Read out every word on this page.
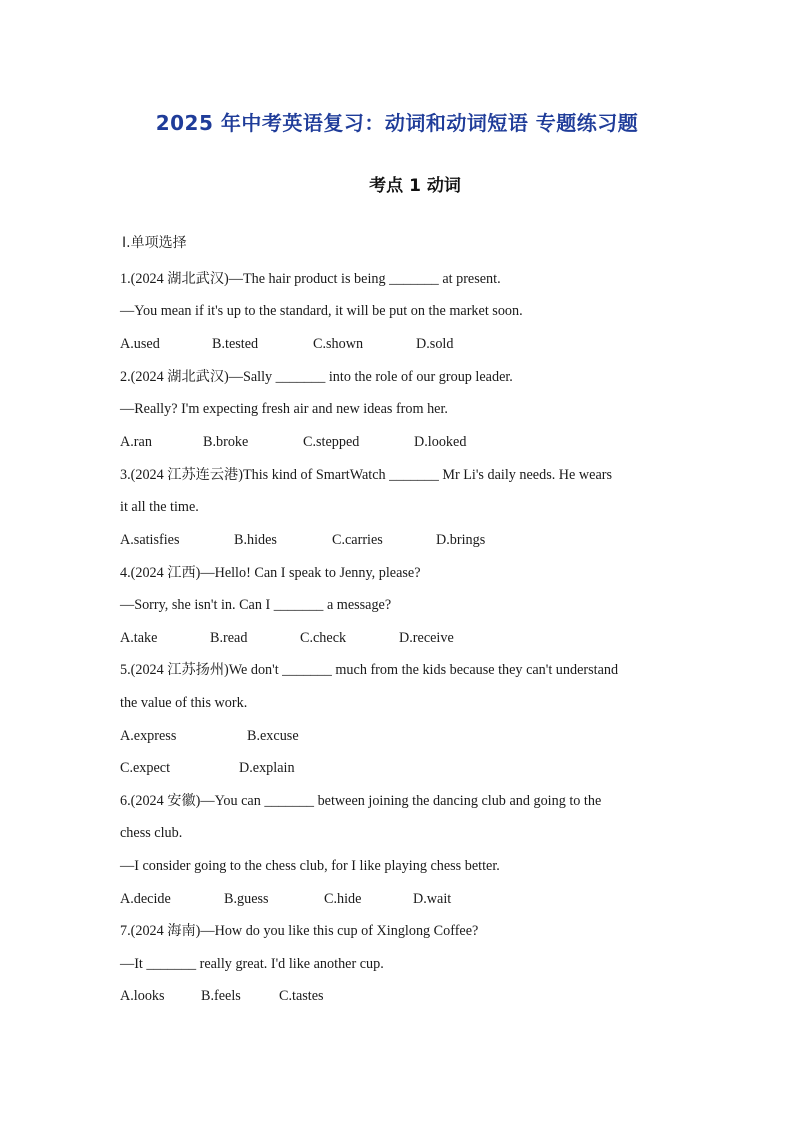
2025 年中考英语复习：动词和动词短语 专题练习题
考点 1 动词
Ⅰ.单项选择
1.(2024 湖北武汉)—The hair product is being _______ at present.
—You mean if it's up to the standard, it will be put on the market soon.
A.used	B.tested	C.shown	D.sold
2.(2024 湖北武汉)—Sally _______ into the role of our group leader.
—Really? I'm expecting fresh air and new ideas from her.
A.ran	B.broke	C.stepped	D.looked
3.(2024 江苏连云港)This kind of SmartWatch _______ Mr Li's daily needs. He wears
it all the time.
A.satisfies	B.hides	C.carries	D.brings
4.(2024 江西)—Hello! Can I speak to Jenny, please?
—Sorry, she isn't in. Can I _______ a message?
A.take	B.read	C.check	D.receive
5.(2024 江苏扬州)We don't _______ much from the kids because they can't understand
the value of this work.
A.express	B.excuse
C.expect	D.explain
6.(2024 安徽)—You can _______ between joining the dancing club and going to the
chess club.
—I consider going to the chess club, for I like playing chess better.
A.decide	B.guess	C.hide	D.wait
7.(2024 海南)—How do you like this cup of Xinglong Coffee?
—It _______ really great. I'd like another cup.
A.looks	B.feels	C.tastes
